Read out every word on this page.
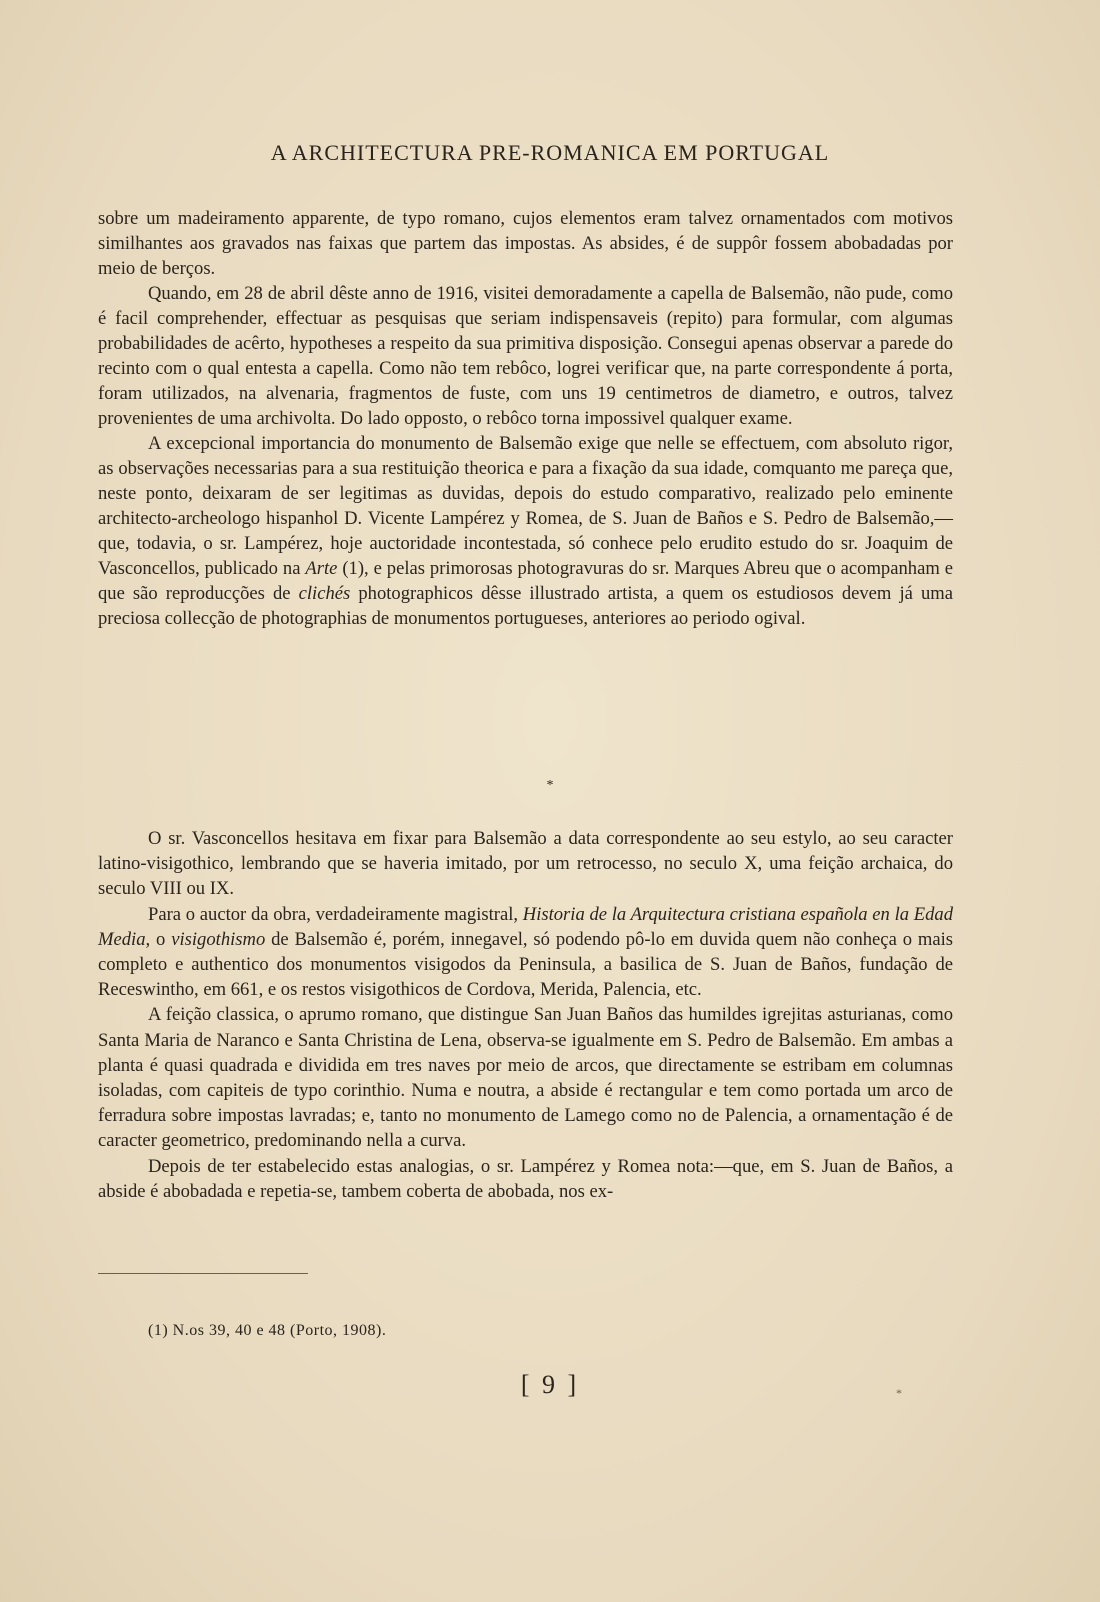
A ARCHITECTURA PRE-ROMANICA EM PORTUGAL

sobre um madeiramento apparente, de typo romano, cujos elementos eram talvez ornamentados com motivos similhantes aos gravados nas faixas que partem das impostas. As absides, é de suppôr fossem abobadadas por meio de berços.

Quando, em 28 de abril dêste anno de 1916, visitei demoradamente a capella de Balsemão, não pude, como é facil comprehender, effectuar as pesquisas que seriam indispensaveis (repito) para formular, com algumas probabilidades de acêrto, hypotheses a respeito da sua primitiva disposição. Consegui apenas observar a parede do recinto com o qual entesta a capella. Como não tem rebôco, logrei verificar que, na parte correspondente á porta, foram utilizados, na alvenaria, fragmentos de fuste, com uns 19 centimetros de diametro, e outros, talvez provenientes de uma archivolta. Do lado opposto, o rebôco torna impossivel qualquer exame.

A excepcional importancia do monumento de Balsemão exige que nelle se effectuem, com absoluto rigor, as observações necessarias para a sua restituição theorica e para a fixação da sua idade, comquanto me pareça que, neste ponto, deixaram de ser legitimas as duvidas, depois do estudo comparativo, realizado pelo eminente architecto-archeologo hispanhol D. Vicente Lampérez y Romea, de S. Juan de Baños e S. Pedro de Balsemão,— que, todavia, o sr. Lampérez, hoje auctoridade incontestada, só conhece pelo erudito estudo do sr. Joaquim de Vasconcellos, publicado na Arte (1), e pelas primorosas photogravuras do sr. Marques Abreu que o acompanham e que são reproducções de clichés photographicos dêsse illustrado artista, a quem os estudiosos devem já uma preciosa collecção de photographias de monumentos portugueses, anteriores ao periodo ogival.

*

O sr. Vasconcellos hesitava em fixar para Balsemão a data correspondente ao seu estylo, ao seu caracter latino-visigothico, lembrando que se haveria imitado, por um retrocesso, no seculo X, uma feição archaica, do seculo VIII ou IX.

Para o auctor da obra, verdadeiramente magistral, Historia de la Arquitectura cristiana española en la Edad Media, o visigothismo de Balsemão é, porém, innegavel, só podendo pô-lo em duvida quem não conheça o mais completo e authentico dos monumentos visigodos da Peninsula, a basilica de S. Juan de Baños, fundação de Receswintho, em 661, e os restos visigothicos de Cordova, Merida, Palencia, etc.

A feição classica, o aprumo romano, que distingue San Juan Baños das humildes igrejitas asturianas, como Santa Maria de Naranco e Santa Christina de Lena, observa-se igualmente em S. Pedro de Balsemão. Em ambas a planta é quasi quadrada e dividida em tres naves por meio de arcos, que directamente se estribam em columnas isoladas, com capiteis de typo corinthio. Numa e noutra, a abside é rectangular e tem como portada um arco de ferradura sobre impostas lavradas; e, tanto no monumento de Lamego como no de Palencia, a ornamentação é de caracter geometrico, predominando nella a curva.

Depois de ter estabelecido estas analogias, o sr. Lampérez y Romea nota:—que, em S. Juan de Baños, a abside é abobadada e repetia-se, tambem coberta de abobada, nos ex-

(1) N.os 39, 40 e 48 (Porto, 1908).
[ 9 ]	*
